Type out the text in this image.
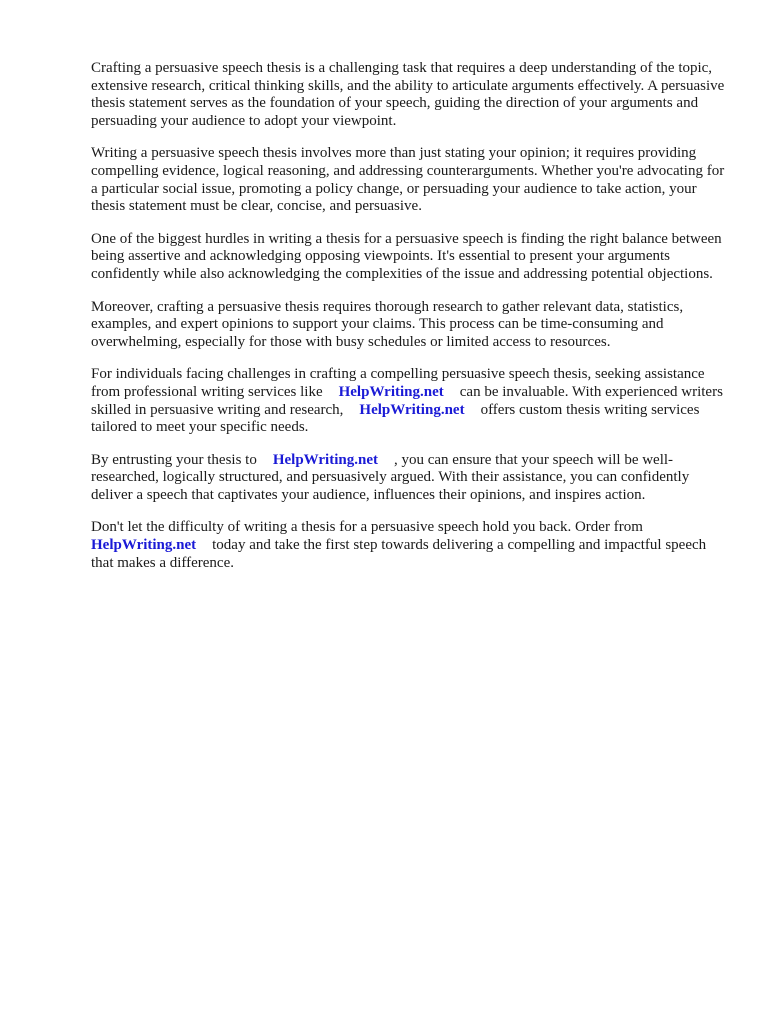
Crafting a persuasive speech thesis is a challenging task that requires a deep understanding of the topic, extensive research, critical thinking skills, and the ability to articulate arguments effectively. A persuasive thesis statement serves as the foundation of your speech, guiding the direction of your arguments and persuading your audience to adopt your viewpoint.

Writing a persuasive speech thesis involves more than just stating your opinion; it requires providing compelling evidence, logical reasoning, and addressing counterarguments. Whether you're advocating for a particular social issue, promoting a policy change, or persuading your audience to take action, your thesis statement must be clear, concise, and persuasive.

One of the biggest hurdles in writing a thesis for a persuasive speech is finding the right balance between being assertive and acknowledging opposing viewpoints. It's essential to present your arguments confidently while also acknowledging the complexities of the issue and addressing potential objections.

Moreover, crafting a persuasive thesis requires thorough research to gather relevant data, statistics, examples, and expert opinions to support your claims. This process can be time-consuming and overwhelming, especially for those with busy schedules or limited access to resources.

For individuals facing challenges in crafting a compelling persuasive speech thesis, seeking assistance from professional writing services like HelpWriting.net can be invaluable. With experienced writers skilled in persuasive writing and research, HelpWriting.net offers custom thesis writing services tailored to meet your specific needs.

By entrusting your thesis to HelpWriting.net , you can ensure that your speech will be well-researched, logically structured, and persuasively argued. With their assistance, you can confidently deliver a speech that captivates your audience, influences their opinions, and inspires action.

Don't let the difficulty of writing a thesis for a persuasive speech hold you back. Order from HelpWriting.net today and take the first step towards delivering a compelling and impactful speech that makes a difference.
